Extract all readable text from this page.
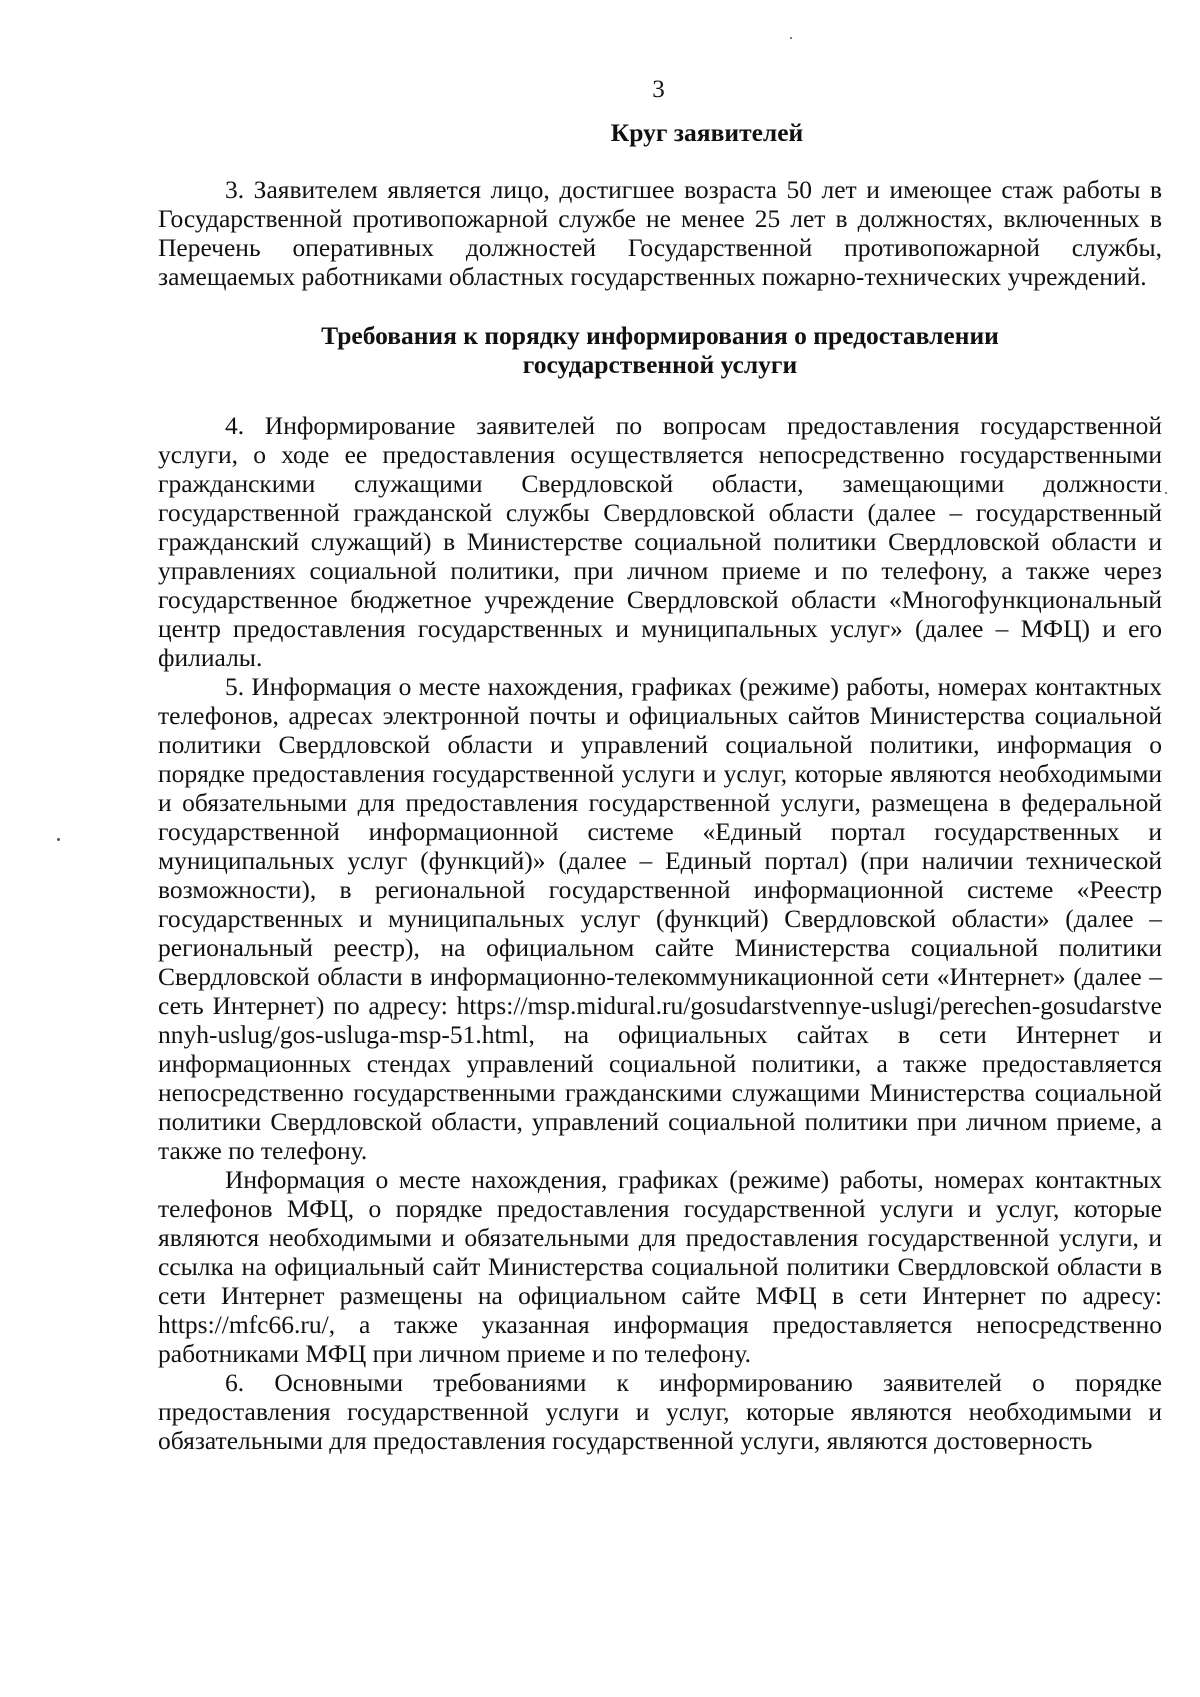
3

Круг заявителей

3. Заявителем является лицо, достигшее возраста 50 лет и имеющее стаж работы в Государственной противопожарной службе не менее 25 лет в должностях, включенных в Перечень оперативных должностей Государственной противопожарной службы, замещаемых работниками областных государственных пожарно-технических учреждений.

Требования к порядку информирования о предоставлении
государственной услуги

4. Информирование заявителей по вопросам предоставления государственной услуги, о ходе ее предоставления осуществляется непосредственно государственными гражданскими служащими Свердловской области, замещающими должности государственной гражданской службы Свердловской области (далее – государственный гражданский служащий) в Министерстве социальной политики Свердловской области и управлениях социальной политики, при личном приеме и по телефону, а также через государственное бюджетное учреждение Свердловской области «Многофункциональный центр предоставления государственных и муниципальных услуг» (далее – МФЦ) и его филиалы.

5. Информация о месте нахождения, графиках (режиме) работы, номерах контактных телефонов, адресах электронной почты и официальных сайтов Министерства социальной политики Свердловской области и управлений социальной политики, информация о порядке предоставления государственной услуги и услуг, которые являются необходимыми и обязательными для предоставления государственной услуги, размещена в федеральной государственной информационной системе «Единый портал государственных и муниципальных услуг (функций)» (далее – Единый портал) (при наличии технической возможности), в региональной государственной информационной системе «Реестр государственных и муниципальных услуг (функций) Свердловской области» (далее – региональный реестр), на официальном сайте Министерства социальной политики Свердловской области в информационно-телекоммуникационной сети «Интернет» (далее – сеть Интернет) по адресу: https://msp.midural.ru/gosudarstvennye-uslugi/perechen-gosudarstvennyh-uslug/gos-usluga-msp-51.html, на официальных сайтах в сети Интернет и информационных стендах управлений социальной политики, а также предоставляется непосредственно государственными гражданскими служащими Министерства социальной политики Свердловской области, управлений социальной политики при личном приеме, а также по телефону.

Информация о месте нахождения, графиках (режиме) работы, номерах контактных телефонов МФЦ, о порядке предоставления государственной услуги и услуг, которые являются необходимыми и обязательными для предоставления государственной услуги, и ссылка на официальный сайт Министерства социальной политики Свердловской области в сети Интернет размещены на официальном сайте МФЦ в сети Интернет по адресу: https://mfc66.ru/, а также указанная информация предоставляется непосредственно работниками МФЦ при личном приеме и по телефону.

6. Основными требованиями к информированию заявителей о порядке предоставления государственной услуги и услуг, которые являются необходимыми и обязательными для предоставления государственной услуги, являются достоверность
